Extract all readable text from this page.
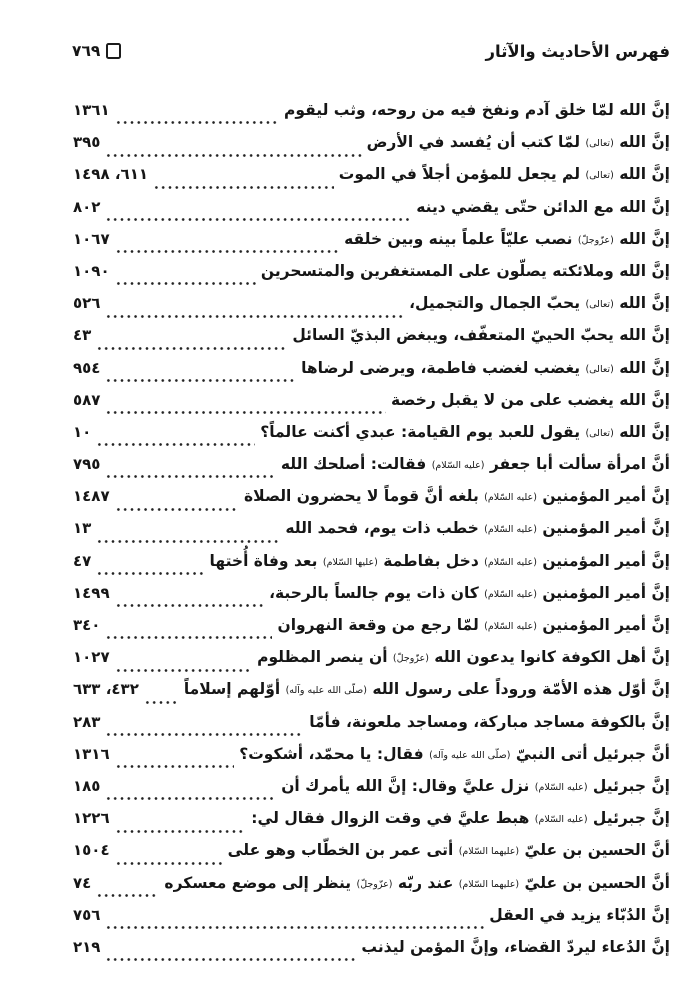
فهرس الأحاديث والآثار
٧٦٩
إنَّ الله لمّا خلق آدم ونفخ فيه من روحه، وثب ليقوم
١٣٦١
إنَّ الله (تعالى) لمّا كتب أن يُفسد في الأرض
٣٩٥
إنَّ الله (تعالى) لم يجعل للمؤمن أجلاً في الموت
٦١١، ١٤٩٨
إنَّ الله مع الدائن حتّى يقضي دينه
٨٠٢
إنَّ الله (عزّوجلّ) نصب عليّاً علماً بينه وبين خلقه
١٠٦٧
إنَّ الله وملائكته يصلّون على المستغفرين والمتسحرين
١٠٩٠
إنَّ الله (تعالى) يحبّ الجمال والتجميل،
٥٢٦
إنَّ الله يحبّ الحييّ المتعفّف، ويبغض البذيّ السائل
٤٣
إنَّ الله (تعالى) يغضب لغضب فاطمة، ويرضى لرضاها
٩٥٤
إنَّ الله يغضب على من لا يقبل رخصة
٥٨٧
إنَّ الله (تعالى) يقول للعبد يوم القيامة: عبدي أكنت عالماً؟
١٠
أنَّ امرأة سألت أبا جعفر (عليه السّلام) فقالت: أصلحك الله
٧٩٥
إنَّ أمير المؤمنين (عليه السّلام) بلغه أنَّ قوماً لا يحضرون الصلاة
١٤٨٧
إنَّ أمير المؤمنين (عليه السّلام) خطب ذات يوم، فحمد الله
١٣
إنَّ أمير المؤمنين (عليه السّلام) دخل بفاطمة (عليها السّلام) بعد وفاة أُختها
٤٧
إنَّ أمير المؤمنين (عليه السّلام) كان ذات يوم جالساً بالرحبة،
١٤٩٩
إنَّ أمير المؤمنين (عليه السّلام) لمّا رجع من وقعة النهروان
٣٤٠
إنَّ أهل الكوفة كانوا يدعون الله (عزّوجلّ) أن ينصر المظلوم
١٠٢٧
إنَّ أوّل هذه الأمّة وروداً على رسول الله (صلّى الله عليه وآله) أوّلهم إسلاماً
٤٣٢، ٦٣٣
إنَّ بالكوفة مساجد مباركة، ومساجد ملعونة، فأمّا
٢٨٣
أنَّ جبرئيل أتى النبيّ (صلّى الله عليه وآله) فقال: يا محمّد، أشكوت؟
١٣١٦
إنَّ جبرئيل (عليه السّلام) نزل عليَّ وقال: إنَّ الله يأمرك أن
١٨٥
إنَّ جبرئيل (عليه السّلام) هبط عليَّ في وقت الزوال فقال لي:
١٢٢٦
أنَّ الحسين بن عليّ (عليهما السّلام) أتى عمر بن الخطّاب وهو على
١٥٠٤
أنَّ الحسين بن عليّ (عليهما السّلام) عند ربّه (عزّوجلّ) ينظر إلى موضع معسكره
٧٤
إنَّ الدُبّاء يزيد في العقل
٧٥٦
إنَّ الدُعاء ليردّ القضاء، وإنَّ المؤمن ليذنب
٢١٩
